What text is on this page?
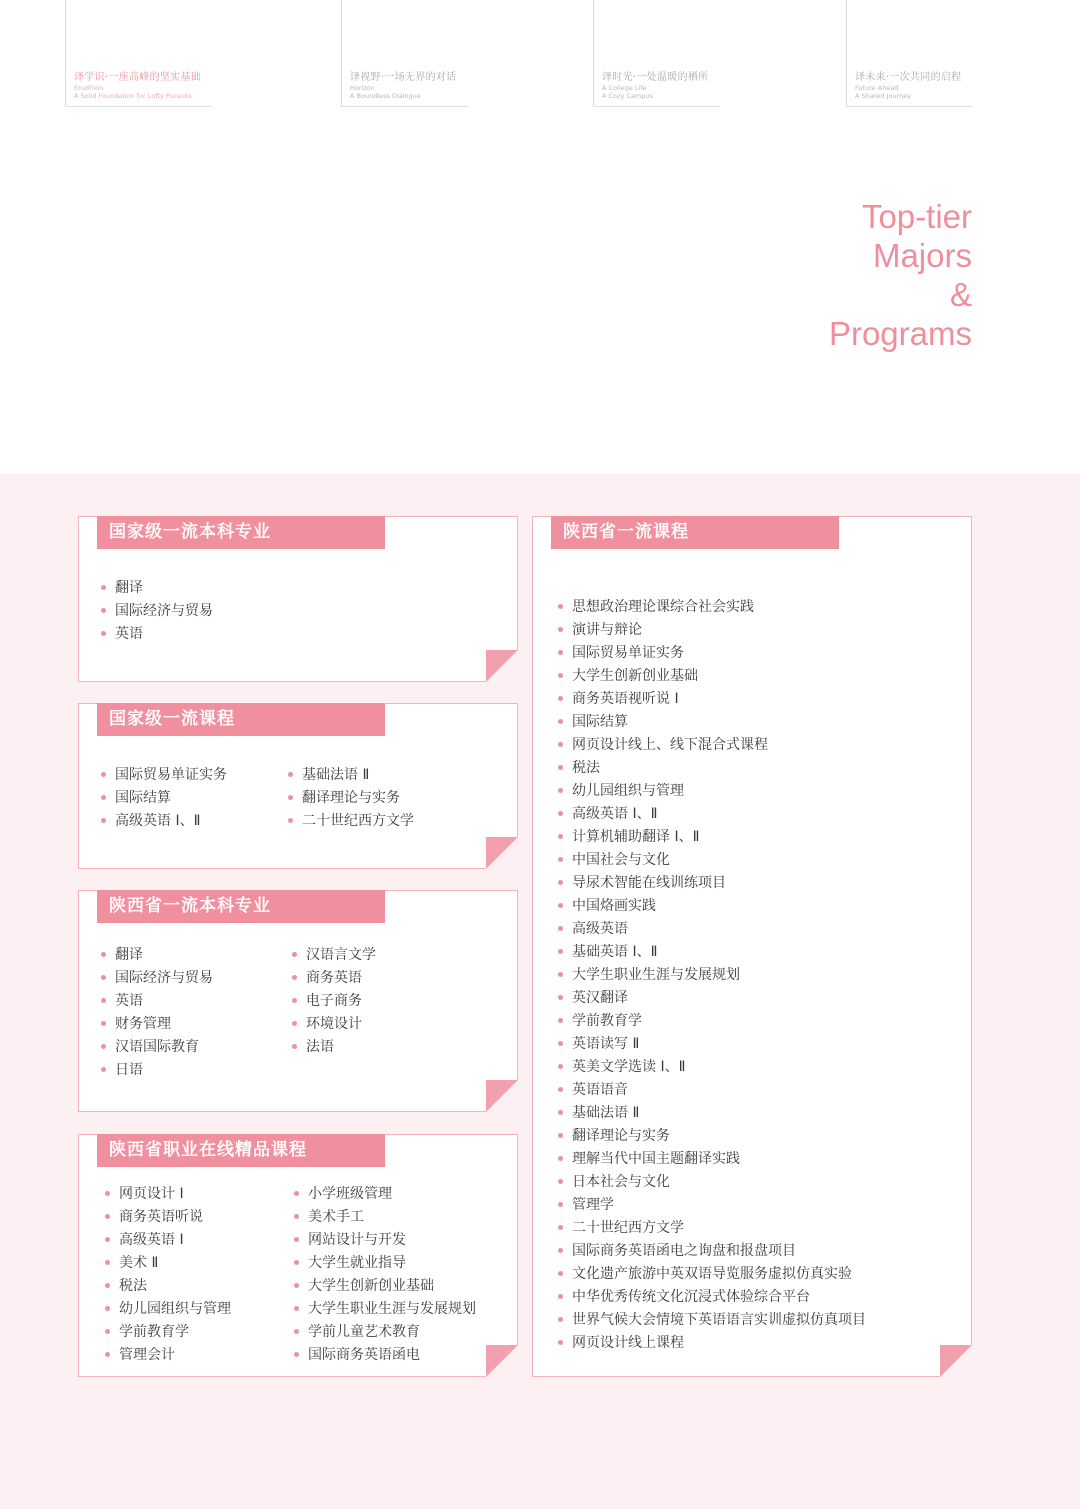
译学识·一座高峰的坚实基础
Erudition
A Solid Foundation for Lofty Pursuits
译视野·一场无界的对话
Horizon
A Boundless Dialogue
译时光·一处温暖的栖所
A College Life
A Cozy Campus
译未来·一次共同的启程
Future Ahead
A Shared Journey
Top-tier
Majors
&
Programs
国家级一流本科专业
翻译
国际经济与贸易
英语
国家级一流课程
国际贸易单证实务
国际结算
高级英语 Ⅰ、Ⅱ
基础法语 Ⅱ
翻译理论与实务
二十世纪西方文学
陕西省一流本科专业
翻译
国际经济与贸易
英语
财务管理
汉语国际教育
日语
汉语言文学
商务英语
电子商务
环境设计
法语
陕西省职业在线精品课程
网页设计 Ⅰ
商务英语听说
高级英语 Ⅰ
美术 Ⅱ
税法
幼儿园组织与管理
学前教育学
管理会计
小学班级管理
美术手工
网站设计与开发
大学生就业指导
大学生创新创业基础
大学生职业生涯与发展规划
学前儿童艺术教育
国际商务英语函电
陕西省一流课程
思想政治理论课综合社会实践
演讲与辩论
国际贸易单证实务
大学生创新创业基础
商务英语视听说 Ⅰ
国际结算
网页设计线上、线下混合式课程
税法
幼儿园组织与管理
高级英语 Ⅰ、Ⅱ
计算机辅助翻译 Ⅰ、Ⅱ
中国社会与文化
导尿术智能在线训练项目
中国烙画实践
高级英语
基础英语 Ⅰ、Ⅱ
大学生职业生涯与发展规划
英汉翻译
学前教育学
英语读写 Ⅱ
英美文学选读 Ⅰ、Ⅱ
英语语音
基础法语 Ⅱ
翻译理论与实务
理解当代中国主题翻译实践
日本社会与文化
管理学
二十世纪西方文学
国际商务英语函电之询盘和报盘项目
文化遗产旅游中英双语导览服务虚拟仿真实验
中华优秀传统文化沉浸式体验综合平台
世界气候大会情境下英语语言实训虚拟仿真项目
网页设计线上课程
